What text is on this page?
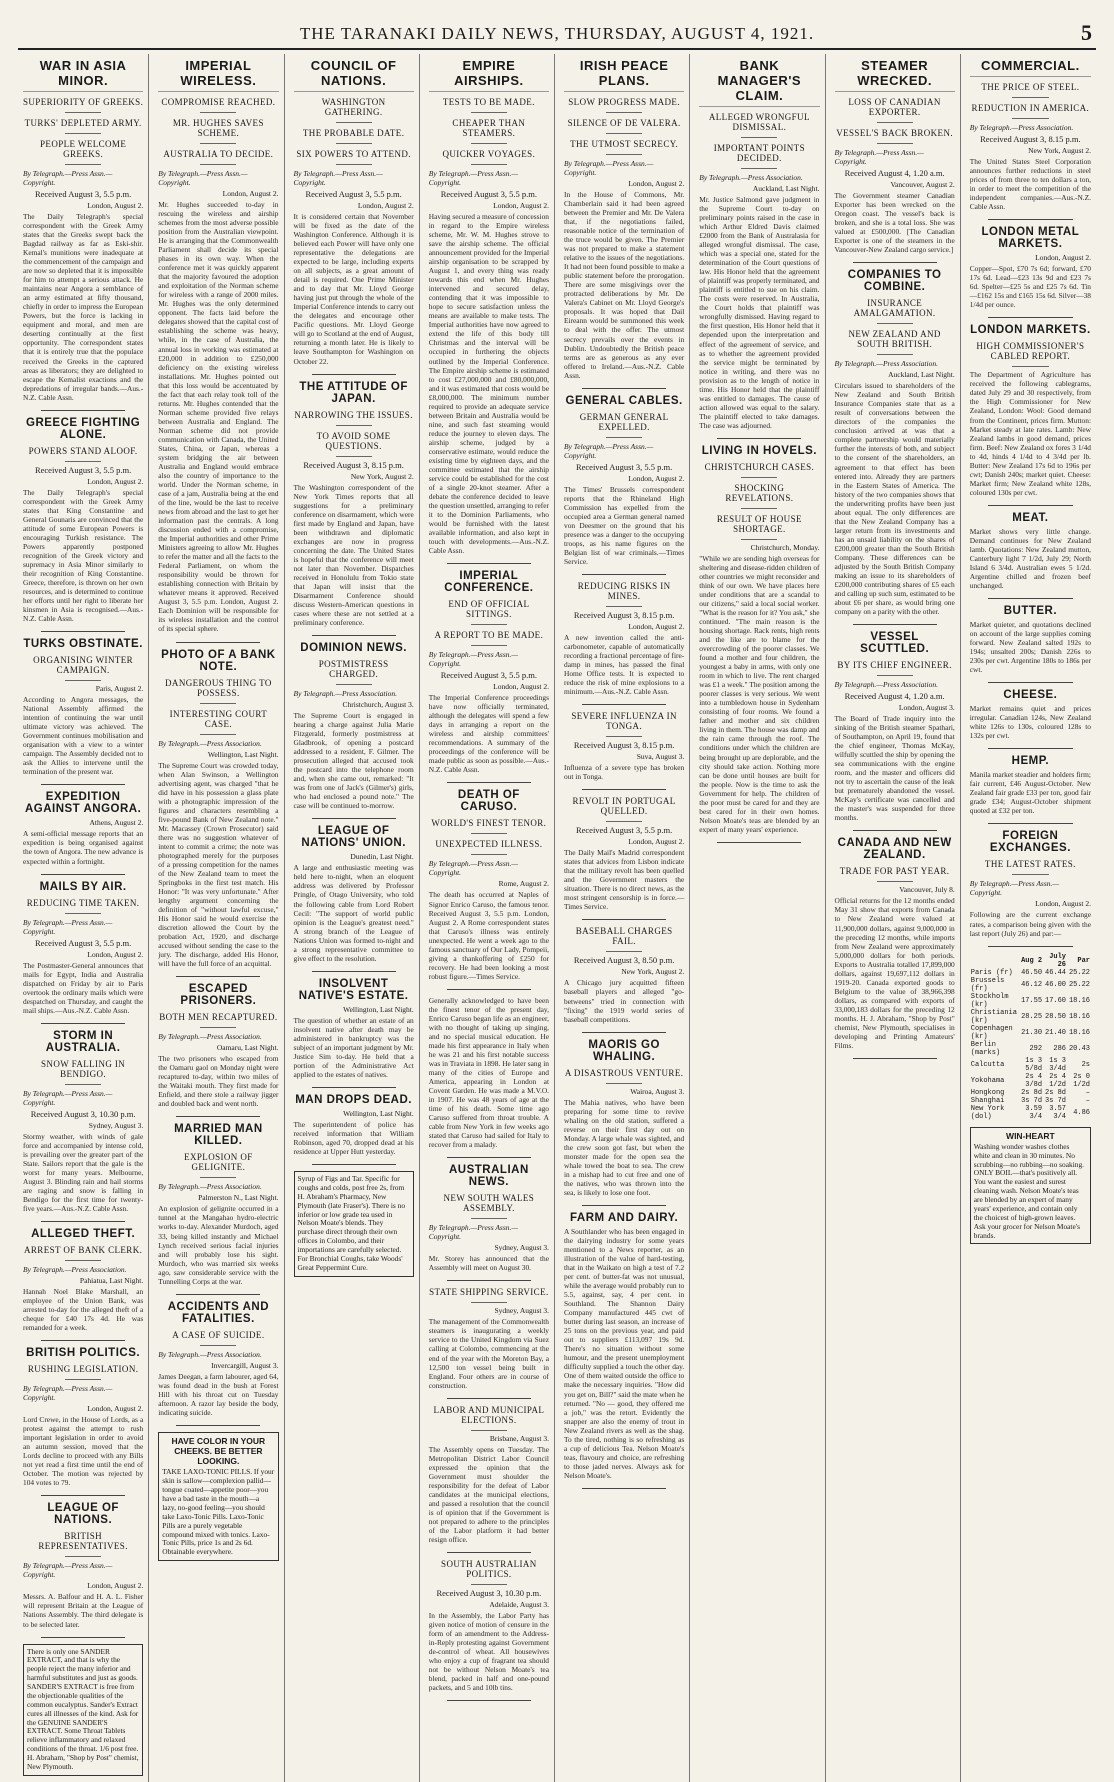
THE TARANAKI DAILY NEWS, THURSDAY, AUGUST 4, 1921.	5
WAR IN ASIA MINOR.
SUPERIORITY OF GREEKS.
TURKS' DEPLETED ARMY.
PEOPLE WELCOME GREEKS.
By Telegraph.—Press Assn.—Copyright.
Received August 3, 5.5 p.m.
London, August 2.

The Daily Telegraph's special correspondent with the Greek Army states that the Greeks swept back the Bagdad railway as far as Eski-shir. Kemal's munitions were inadequate at the commencement of the campaign and are now so depleted that it is impossible for him to attempt a serious attack. He maintains near Angora a semblance of an army estimated at fifty thousand, chiefly in order to impress the European Powers, but the force is lacking in equipment and moral, and men are deserting continually at the first opportunity. The correspondent states that it is entirely true that the populace received the Greeks in the captured areas as liberators; they are delighted to escape the Kemalist exactions and the depredations of irregular bands.—Aus.-N.Z. Cable Assn.

GREECE FIGHTING ALONE.
POWERS STAND ALOOF.
Received August 3, 5.5 p.m.
London, August 2.

The Daily Telegraph's special correspondent with the Greek Army states that King Constantine and General Gounaris are convinced that the attitude of some European Powers is encouraging Turkish resistance. The Powers apparently postponed recognition of the Greek victory and supremacy in Asia Minor similarly to their recognition of King Constantine. Greece, therefore, is thrown on her own resources, and is determined to continue her efforts until her right to liberate her kinsmen in Asia is recognised.—Aus.-N.Z. Cable Assn.

TURKS OBSTINATE.
ORGANISING WINTER CAMPAIGN.
Paris, August 2.

According to Angora messages, the National Assembly affirmed the intention of continuing the war until ultimate victory was achieved. The Government continues mobilisation and organisation with a view to a winter campaign. The Assembly decided not to ask the Allies to intervene until the termination of the present war.

EXPEDITION AGAINST ANGORA.
Athens, August 2.

A semi-official message reports that an expedition is being organised against the town of Angora. The new advance is expected within a fortnight.

MAILS BY AIR.
REDUCING TIME TAKEN.
By Telegraph.—Press Assn.—Copyright.
Received August 3, 5.5 p.m.
London, August 2.

The Postmaster-General announces that mails for Egypt, India and Australia dispatched on Friday by air to Paris overtook the ordinary mails which were despatched on Thursday, and caught the mail ships.—Aus.-N.Z. Cable Assn.

STORM IN AUSTRALIA.
SNOW FALLING IN BENDIGO.
By Telegraph.—Press Assn.—Copyright.
Received August 3, 10.30 p.m.
Sydney, August 3.

Stormy weather, with winds of gale force and accompanied by intense cold, is prevailing over the greater part of the State. Sailors report that the gale is the worst for many years. Melbourne, August 3. Blinding rain and hail storms are raging and snow is falling in Bendigo for the first time for twenty-five years.—Aus.-N.Z. Cable Assn.

ALLEGED THEFT.
ARREST OF BANK CLERK.
By Telegraph.—Press Association.
Pahiatua, Last Night.

Hannah Noel Blake Marshall, an employee of the Union Bank, was arrested to-day for the alleged theft of a cheque for £40 17s 4d. He was remanded for a week.

BRITISH POLITICS.
RUSHING LEGISLATION.
By Telegraph.—Press Assn.—Copyright.
London, August 2.

Lord Crewe, in the House of Lords, as a protest against the attempt to rush important legislation in order to avoid an autumn session, moved that the Lords decline to proceed with any Bills not yet read a first time until the end of October. The motion was rejected by 104 votes to 79.

LEAGUE OF NATIONS.
BRITISH REPRESENTATIVES.
By Telegraph.—Press Assn.—Copyright.
London, August 2.

Messrs. A. Balfour and H. A. L. Fisher will represent Britain at the League of Nations Assembly. The third delegate is to be selected later.

There is only one SANDER EXTRACT, and that is why the people reject the many inferior and harmful substitutes and just as goods. SANDER'S EXTRACT is free from the objectionable qualities of the common eucalyptus. Sander's Extract cures all illnesses of the kind. Ask for the GENUINE SANDER'S EXTRACT. Some Throat Tablets relieve inflammatory and relaxed conditions of the throat. 1/6 post free. H. Abraham, "Shop by Post" chemist, New Plymouth.
IMPERIAL WIRELESS.
COMPROMISE REACHED.
MR. HUGHES SAVES SCHEME.
AUSTRALIA TO DECIDE.
By Telegraph.—Press Assn.—Copyright.
London, August 2.

Mr. Hughes succeeded to-day in rescuing the wireless and airship schemes from the most adverse possible position from the Australian viewpoint. He is arranging that the Commonwealth Parliament shall decide its special phases in its own way. When the conference met it was quickly apparent that the majority favoured the adoption and exploitation of the Norman scheme for wireless with a range of 2000 miles. Mr. Hughes was the only determined opponent. The facts laid before the delegates showed that the capital cost of establishing the scheme was heavy, while, in the case of Australia, the annual loss in working was estimated at £20,000 in addition to £250,000 deficiency on the existing wireless installations. Mr. Hughes pointed out that this loss would be accentuated by the fact that each relay took toll of the returns. Mr. Hughes contended that the Norman scheme provided five relays between Australia and England. The Norman scheme did not provide communication with Canada, the United States, China, or Japan, whereas a system bridging the air between Australia and England would embrace also the country of importance to the world. Under the Norman scheme, in case of a jam, Australia being at the end of the line, would be the last to receive news from abroad and the last to get her information past the centrals. A long discussion ended with a compromise, the Imperial authorities and other Prime Ministers agreeing to allow Mr. Hughes to refer the matter and all the facts to the Federal Parliament, on whom the responsibility would be thrown for establishing connection with Britain by whatever means it approved. Received August 3, 5.5 p.m. London, August 2. Each Dominion will be responsible for its wireless installation and the control of its special sphere.

PHOTO OF A BANK NOTE.
DANGEROUS THING TO POSSESS.
INTERESTING COURT CASE.
By Telegraph.—Press Association.
Wellington, Last Night.

The Supreme Court was crowded today, when Alan Swinson, a Wellington advertising agent, was charged "that he did have in his possession a glass plate with a photographic impression of the figures and characters resembling a five-pound Bank of New Zealand note." Mr. Macassey (Crown Prosecutor) said there was no suggestion whatever of intent to commit a crime; the note was photographed merely for the purposes of a pressing competition for the names of the New Zealand team to meet the Springboks in the first test match. His Honor: "It was very unfortunate." After lengthy argument concerning the definition of "without lawful excuse," His Honor said he would exercise the discretion allowed the Court by the probation Act, 1920, and discharge accused without sending the case to the jury. The discharge, added His Honor, will have the full force of an acquittal.

ESCAPED PRISONERS.
BOTH MEN RECAPTURED.
By Telegraph.—Press Association.
Oamaru, Last Night.

The two prisoners who escaped from the Oamaru gaol on Monday night were recaptured to-day, within two miles of the Waitaki mouth. They first made for Enfield, and there stole a railway jigger and doubled back and went north.

MARRIED MAN KILLED.
EXPLOSION OF GELIGNITE.
By Telegraph.—Press Association.
Palmerston N., Last Night.

An explosion of gelignite occurred in a tunnel at the Mangahao hydro-electric works to-day. Alexander Murdoch, aged 33, being killed instantly and Michael Lynch received serious facial injuries and will probably lose his sight. Murdoch, who was married six weeks ago, saw considerable service with the Tunnelling Corps at the war.

ACCIDENTS AND FATALITIES.
A CASE OF SUICIDE.
By Telegraph.—Press Association.
Invercargill, August 3.

James Deegan, a farm labourer, aged 64, was found dead in the bush at Forest Hill with his throat cut on Tuesday afternoon. A razor lay beside the body, indicating suicide.

HAVE COLOR IN YOUR CHEEKS. BE BETTER LOOKING.
TAKE LAXO-TONIC PILLS. If your skin is sallow—complexion pallid—tongue coated—appetite poor—you have a bad taste in the mouth—a lazy, no-good feeling—you should take Laxo-Tonic Pills. Laxo-Tonic Pills are a purely vegetable compound mixed with tonics. Laxo-Tonic Pills, price 1s and 2s 6d. Obtainable everywhere.
COUNCIL OF NATIONS.
WASHINGTON GATHERING.
THE PROBABLE DATE.
SIX POWERS TO ATTEND.
By Telegraph.—Press Assn.—Copyright.
Received August 3, 5.5 p.m.
London, August 2.

It is considered certain that November will be fixed as the date of the Washington Conference. Although it is believed each Power will have only one representative the delegations are expected to be large, including experts on all subjects, as a great amount of detail is required. One Prime Minister and to day that Mr. Lloyd George having just put through the whole of the Imperial Conference intends to carry out the delegates and encourage other Pacific questions. Mr. Lloyd George will go to Scotland at the end of August, returning a month later. He is likely to leave Southampton for Washington on October 22.

THE ATTITUDE OF JAPAN.
NARROWING THE ISSUES.
TO AVOID SOME QUESTIONS.
Received August 3, 8.15 p.m.
New York, August 2.

The Washington correspondent of the New York Times reports that all suggestions for a preliminary conference on disarmament, which were first made by England and Japan, have been withdrawn and diplomatic exchanges are now in progress concerning the date. The United States is hopeful that the conference will meet not later than November. Dispatches received in Honolulu from Tokio state that Japan will insist that the Disarmament Conference should discuss Western-American questions in cases where these are not settled at a preliminary conference.

DOMINION NEWS.
POSTMISTRESS CHARGED.
By Telegraph.—Press Association.
Christchurch, August 3.

The Supreme Court is engaged in hearing a charge against Julia Marie Fitzgerald, formerly postmistress at Gladbrook, of opening a postcard addressed to a resident, F. Gilmer. The prosecution alleged that accused took the postcard into the telephone room and, when she came out, remarked: "It was from one of Jack's (Gilmer's) girls, who had enclosed a pound note." The case will be continued to-morrow.

LEAGUE OF NATIONS' UNION.
Dunedin, Last Night.

A large and enthusiastic meeting was held here to-night, when an eloquent address was delivered by Professor Pringle, of Otago University, who told the following cable from Lord Robert Cecil: "The support of world public opinion is the League's greatest need." A strong branch of the League of Nations Union was formed to-night and a strong representative committee to give effect to the resolution.

INSOLVENT NATIVE'S ESTATE.
Wellington, Last Night.

The question of whether an estate of an insolvent native after death may be administered in bankruptcy was the subject of an important judgment by Mr. Justice Sim to-day. He held that a portion of the Administrative Act applied to the estates of natives.

MAN DROPS DEAD.
Wellington, Last Night.

The superintendent of police has received information that William Robinson, aged 70, dropped dead at his residence at Upper Hutt yesterday.

Syrup of Figs and Tar. Specific for coughs and colds, post free 2s, from H. Abraham's Pharmacy, New Plymouth (late Fraser's). There is no inferior or low grade tea used in Nelson Moate's blends. They purchase direct through their own offices in Colombo, and their importations are carefully selected. For Bronchial Coughs, take Woods' Great Peppermint Cure.
EMPIRE AIRSHIPS.
TESTS TO BE MADE.
CHEAPER THAN STEAMERS.
QUICKER VOYAGES.
By Telegraph.—Press Assn.—Copyright.
Received August 3, 5.5 p.m.
London, August 2.

Having secured a measure of concession in regard to the Empire wireless scheme, Mr. W. M. Hughes strove to save the airship scheme. The official announcement provided for the Imperial airship organisation to be scrapped by August 1, and every thing was ready towards this end when Mr. Hughes intervened and secured delay, contending that it was impossible to hope to secure satisfaction unless the means are available to make tests. The Imperial authorities have now agreed to extend the life of this body till Christmas and the interval will be occupied in furthering the objects outlined by the Imperial Conference. The Empire airship scheme is estimated to cost £27,000,000 and £80,000,000, and it was estimated that costs would be £8,000,000. The minimum number required to provide an adequate service between Britain and Australia would be nine, and such fast steaming would reduce the journey to eleven days. The airship scheme, judged by a conservative estimate, would reduce the existing time by eighteen days, and the committee estimated that the airship service could be established for the cost of a single 20-knot steamer. After a debate the conference decided to leave the question unsettled, arranging to refer it to the Dominion Parliaments, who would be furnished with the latest available information, and also kept in touch with developments.—Aus.-N.Z. Cable Assn.

IMPERIAL CONFERENCE.
END OF OFFICIAL SITTINGS.
A REPORT TO BE MADE.
By Telegraph.—Press Assn.—Copyright.
Received August 3, 5.5 p.m.
London, August 2.

The Imperial Conference proceedings have now officially terminated, although the delegates will spend a few days in arranging a report on the wireless and airship committees' recommendations. A summary of the proceedings of the conference will be made public as soon as possible.—Aus.-N.Z. Cable Assn.

DEATH OF CARUSO.
WORLD'S FINEST TENOR.
UNEXPECTED ILLNESS.
By Telegraph.—Press Assn.—Copyright.
Rome, August 2.

The death has occurred at Naples of Signor Enrico Caruso, the famous tenor. Received August 3, 5.5 p.m. London, August 2. A Rome correspondent states that Caruso's illness was entirely unexpected. He went a week ago to the famous sanctuary of Our Lady, Pompeii, giving a thankoffering of £250 for recovery. He had been looking a most robust figure.—Times Service.

Generally acknowledged to have been the finest tenor of the present day, Enrico Caruso began life as an engineer, with no thought of taking up singing, and no special musical education. He made his first appearance in Italy when he was 21 and his first notable success was in Traviata in 1898. He later sang in many of the cities of Europe and America, appearing in London at Covent Garden. He was made a M.V.O. in 1907. He was 48 years of age at the time of his death. Some time ago Caruso suffered from throat trouble. A cable from New York in few weeks ago stated that Caruso had sailed for Italy to recover from a malady.

AUSTRALIAN NEWS.
NEW SOUTH WALES ASSEMBLY.
By Telegraph.—Press Assn.—Copyright.
Sydney, August 3.

Mr. Storey has announced that the Assembly will meet on August 30.

STATE SHIPPING SERVICE.
Sydney, August 3.

The management of the Commonwealth steamers is inaugurating a weekly service to the United Kingdom via Suez calling at Colombo, commencing at the end of the year with the Moreton Bay, a 12,500 ton vessel being built in England. Four others are in course of construction.

LABOR AND MUNICIPAL ELECTIONS.
Brisbane, August 3.

The Assembly opens on Tuesday. The Metropolitan District Labor Council expressed the opinion that the Government must shoulder the responsibility for the defeat of Labor candidates at the municipal elections, and passed a resolution that the council is of opinion that if the Government is not prepared to adhere to the principles of the Labor platform it had better resign office.

SOUTH AUSTRALIAN POLITICS.
Received August 3, 10.30 p.m.
Adelaide, August 3.

In the Assembly, the Labor Party has given notice of motion of censure in the form of an amendment to the Address-in-Reply protesting against Government de-control of wheat. All housewives who enjoy a cup of fragrant tea should not be without Nelson Moate's tea blend, packed in half and one-pound packets, and 5 and 10lb tins.

IRISH PEACE PLANS.
SLOW PROGRESS MADE.
SILENCE OF DE VALERA.
THE UTMOST SECRECY.
By Telegraph.—Press Assn.—Copyright.
London, August 2.

In the House of Commons, Mr. Chamberlain said it had been agreed between the Premier and Mr. De Valera that, if the negotiations failed, reasonable notice of the termination of the truce would be given. The Premier was not prepared to make a statement relative to the issues of the negotiations. It had not been found possible to make a public statement before the prorogation. There are some misgivings over the protracted deliberations by Mr. De Valera's Cabinet on Mr. Lloyd George's proposals. It was hoped that Dail Eireann would be summoned this week to deal with the offer. The utmost secrecy prevails over the events in Dublin. Undoubtedly the British peace terms are as generous as any ever offered to Ireland.—Aus.-N.Z. Cable Assn.

GENERAL CABLES.
GERMAN GENERAL EXPELLED.
By Telegraph.—Press Assn.—Copyright.
Received August 3, 5.5 p.m.
London, August 2.

The Times' Brussels correspondent reports that the Rhineland High Commission has expelled from the occupied area a German general named von Deesmer on the ground that his presence was a danger to the occupying troops, as his name figures on the Belgian list of war criminals.—Times Service.

REDUCING RISKS IN MINES.
Received August 3, 8.15 p.m.
London, August 2.

A new invention called the anti-carbonometer, capable of automatically recording a fractional percentage of fire-damp in mines, has passed the final Home Office tests. It is expected to reduce the risk of mine explosions to a minimum.—Aus.-N.Z. Cable Assn.

SEVERE INFLUENZA IN TONGA.
Received August 3, 8.15 p.m.
Suva, August 3.

Influenza of a severe type has broken out in Tonga.

REVOLT IN PORTUGAL QUELLED.
Received August 3, 5.5 p.m.
London, August 2.

The Daily Mail's Madrid correspondent states that advices from Lisbon indicate that the military revolt has been quelled and the Government masters the situation. There is no direct news, as the most stringent censorship is in force.—Times Service.

BASEBALL CHARGES FAIL.
Received August 3, 8.50 p.m.
New York, August 2.

A Chicago jury acquitted fifteen baseball players and alleged "go-betweens" tried in connection with "fixing" the 1919 world series of baseball competitions.

MAORIS GO WHALING.
A DISASTROUS VENTURE.
Wairoa, August 3.

The Mahia natives, who have been preparing for some time to revive whaling on the old station, suffered a reverse on their first day out on Monday. A large whale was sighted, and the crew soon got fast, but when the monster made for the open sea the whale towed the boat to sea. The crew in a mishap had to cut free and one of the natives, who was thrown into the sea, is likely to lose one foot.

FARM AND DAIRY.

A Southlander who has been engaged in the dairying industry for some years mentioned to a News reporter, as an illustration of the value of hard-testing, that in the Waikato on high a test of 7.2 per cent. of butter-fat was not unusual, while the average would probably run to 5.5, against, say, 4 per cent. in Southland. The Shannon Dairy Company manufactured 445 cwt of butter during last season, an increase of 25 tons on the previous year, and paid out to suppliers £113,097 19s 9d. There's no situation without some humour, and the present unemployment difficulty supplied a touch the other day. One of them waited outside the office to make the necessary inquiries. "How did you get on, Bill?" said the mate when he returned. "No — good, they offered me a job," was the retort. Evidently the snapper are also the enemy of trout in New Zealand rivers as well as the shag. To the tired, nothing is so refreshing as a cup of delicious Tea. Nelson Moate's teas, flavoury and choice, are refreshing to those jaded nerves. Always ask for Nelson Moate's.

BANK MANAGER'S CLAIM.
ALLEGED WRONGFUL DISMISSAL.
IMPORTANT POINTS DECIDED.
By Telegraph.—Press Association.
Auckland, Last Night.

Mr. Justice Salmond gave judgment in the Supreme Court to-day on preliminary points raised in the case in which Arthur Eldred Davis claimed £2000 from the Bank of Australasia for alleged wrongful dismissal. The case, which was a special one, stated for the determination of the Court questions of law. His Honor held that the agreement of plaintiff was properly terminated, and plaintiff is entitled to sue on his claim. The costs were reserved. In Australia, the Court holds that plaintiff was wrongfully dismissed. Having regard to the first question, His Honor held that it depended upon the interpretation and effect of the agreement of service, and as to whether the agreement provided the service might be terminated by notice in writing, and there was no provision as to the length of notice in time. His Honor held that the plaintiff was entitled to damages. The cause of action allowed was equal to the salary. The plaintiff elected to take damages. The case was adjourned.

LIVING IN HOVELS.
CHRISTCHURCH CASES.
SHOCKING REVELATIONS.
RESULT OF HOUSE SHORTAGE.
Christchurch, Monday.

"While we are sending high overseas for sheltering and disease-ridden children of other countries we might reconsider and think of our own. We have places here under conditions that are a scandal to our citizens," said a local social worker. "What is the reason for it? You ask," she continued. "The main reason is the housing shortage. Rack rents, high rents and the like are to blame for the overcrowding of the poorer classes. We found a mother and four children, the youngest a baby in arms, with only one room in which to live. The rent charged was £1 a week." The position among the poorer classes is very serious. We went into a tumbledown house in Sydenham consisting of four rooms. We found a father and mother and six children living in them. The house was damp and the rain came through the roof. The conditions under which the children are being brought up are deplorable, and the city should take action. Nothing more can be done until houses are built for the people. Now is the time to ask the Government for help. The children of the poor must be cared for and they are best cared for in their own homes. Nelson Moate's teas are blended by an expert of many years' experience.

STEAMER WRECKED.
LOSS OF CANADIAN EXPORTER.
VESSEL'S BACK BROKEN.
By Telegraph.—Press Assn.—Copyright.
Received August 4, 1.20 a.m.
Vancouver, August 2.

The Government steamer Canadian Exporter has been wrecked on the Oregon coast. The vessel's back is broken, and she is a total loss. She was valued at £500,000. [The Canadian Exporter is one of the steamers in the Vancouver-New Zealand cargo service.]

COMPANIES TO COMBINE.
INSURANCE AMALGAMATION.
NEW ZEALAND AND SOUTH BRITISH.
By Telegraph.—Press Association.
Auckland, Last Night.

Circulars issued to shareholders of the New Zealand and South British Insurance Companies state that as a result of conversations between the directors of the companies the conclusion arrived at was that a complete partnership would materially further the interests of both, and subject to the consent of the shareholders, an agreement to that effect has been entered into. Already they are partners in the Eastern States of America. The history of the two companies shows that the underwriting profits have been just about equal. The only differences are that the New Zealand Company has a larger return from its investments and has an unsaid liability on the shares of £200,000 greater than the South British Company. These differences can be adjusted by the South British Company making an issue to its shareholders of £200,000 contributing shares of £5 each and calling up such sum, estimated to be about £6 per share, as would bring one company on a parity with the other.

VESSEL SCUTTLED.
BY ITS CHIEF ENGINEER.
By Telegraph.—Press Association.
Received August 4, 1.20 a.m.
London, August 3.

The Board of Trade inquiry into the sinking of the British steamer Spathari, of Southampton, on April 19, found that the chief engineer, Thomas McKay, wilfully scuttled the ship by opening the sea communications with the engine room, and the master and officers did not try to ascertain the cause of the leak but prematurely abandoned the vessel. McKay's certificate was cancelled and the master's was suspended for three months.

CANADA AND NEW ZEALAND.
TRADE FOR PAST YEAR.
Vancouver, July 8.

Official returns for the 12 months ended May 31 show that exports from Canada to New Zealand were valued at 11,900,000 dollars, against 9,000,000 in the preceding 12 months, while imports from New Zealand were approximately 5,000,000 dollars for both periods. Exports to Australia totalled 17,899,000 dollars, against 19,697,112 dollars in 1919-20. Canada exported goods to Belgium to the value of 38,966,398 dollars, as compared with exports of 33,000,183 dollars for the preceding 12 months. H. J. Abraham, "Shop by Post" chemist, New Plymouth, specialises in developing and Printing Amateurs' Films.

COMMERCIAL.
THE PRICE OF STEEL.
REDUCTION IN AMERICA.
By Telegraph.—Press Association.
Received August 3, 8.15 p.m.
New York, August 2.

The United States Steel Corporation announces further reductions in steel prices of from three to ten dollars a ton, in order to meet the competition of the independent companies.—Aus.-N.Z. Cable Assn.

LONDON METAL MARKETS.
London, August 2.

Copper—Spot, £70 7s 6d; forward, £70 17s 6d. Lead—£23 13s 9d and £23 7s 6d. Spelter—£25 5s and £25 7s 6d. Tin—£162 15s and £165 15s 6d. Silver—38 1/4d per ounce.

LONDON MARKETS.
HIGH COMMISSIONER'S CABLED REPORT.

The Department of Agriculture has received the following cablegrams, dated July 29 and 30 respectively, from the High Commissioner for New Zealand, London: Wool: Good demand from the Continent, prices firm. Mutton: Market steady at late rates. Lamb: New Zealand lambs in good demand, prices firm. Beef: New Zealand ox fores 3 1/4d to 4d, hinds 4 1/4d to 4 3/4d per lb. Butter: New Zealand 17s 6d to 196s per cwt; Danish 240s; market quiet. Cheese: Market firm; New Zealand white 128s, coloured 130s per cwt.

MEAT.

Market shows very little change. Demand continues for New Zealand lamb. Quotations: New Zealand mutton, Canterbury light 7 1/2d, July 29; North Island 6 3/4d. Australian ewes 5 1/2d. Argentine chilled and frozen beef unchanged.

BUTTER.

Market quieter, and quotations declined on account of the large supplies coming forward. New Zealand salted 192s to 194s; unsalted 200s; Danish 226s to 230s per cwt. Argentine 180s to 186s per cwt.

CHEESE.

Market remains quiet and prices irregular. Canadian 124s, New Zealand white 126s to 130s, coloured 128s to 132s per cwt.

HEMP.

Manila market steadier and holders firm; fair current, £46 August-October. New Zealand fair grade £33 per ton, good fair grade £34; August-October shipment quoted at £32 per ton.

FOREIGN EXCHANGES.
THE LATEST RATES.
By Telegraph.—Press Assn.—Copyright.
London, August 2.

Following are the current exchange rates, a comparison being given with the last report (July 26) and par:—

	Aug 2	July 26	Par
Paris (fr)	46.50	46.44	25.22
Brussels (fr)	46.12	46.00	25.22
Stockholm (kr)	17.55	17.60	18.16
Christiania (kr)	28.25	28.50	18.16
Copenhagen (kr)	21.30	21.40	18.16
Berlin (marks)	292	286	20.43
Calcutta	1s 3 5/8d	1s 3 3/4d	2s
Yokohama	2s 4 3/8d	2s 4 1/2d	2s 0 1/2d
Hongkong	2s 8d	2s 8d	–
Shanghai	3s 7d	3s 7d	–
New York (dol)	3.59 3/4	3.57 3/4	4.86
WIN-HEART
Washing wonder washes clothes white and clean in 30 minutes. No scrubbing—no rubbing—no soaking. ONLY BOIL—that's positively all. You want the easiest and surest cleaning wash. Nelson Moate's teas are blended by an expert of many years' experience, and contain only the choicest of high-grown leaves. Ask your grocer for Nelson Moate's brands.
